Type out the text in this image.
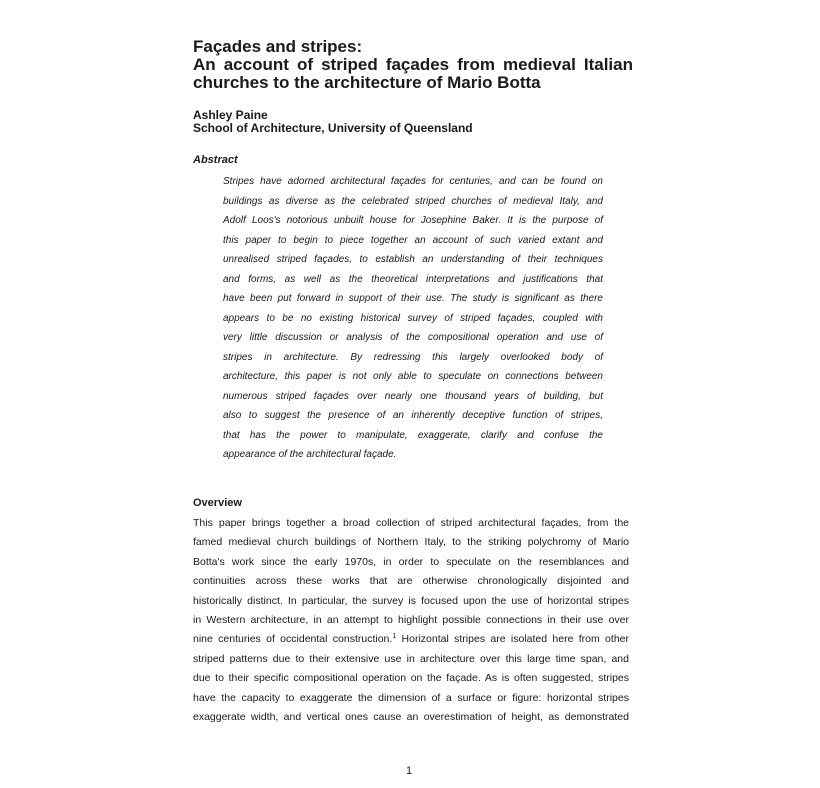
Façades and stripes:
An account of striped façades from medieval Italian
churches to the architecture of Mario Botta
Ashley Paine
School of Architecture, University of Queensland
Abstract
Stripes have adorned architectural façades for centuries, and can be found on
buildings as diverse as the celebrated striped churches of medieval Italy, and
Adolf Loos's notorious unbuilt house for Josephine Baker. It is the purpose of
this paper to begin to piece together an account of such varied extant and
unrealised striped façades, to establish an understanding of their techniques
and forms, as well as the theoretical interpretations and justifications that
have been put forward in support of their use. The study is significant as there
appears to be no existing historical survey of striped façades, coupled with
very little discussion or analysis of the compositional operation and use of
stripes in architecture. By redressing this largely overlooked body of
architecture, this paper is not only able to speculate on connections between
numerous striped façades over nearly one thousand years of building, but
also to suggest the presence of an inherently deceptive function of stripes,
that has the power to manipulate, exaggerate, clarify and confuse the
appearance of the architectural façade.
Overview
This paper brings together a broad collection of striped architectural façades, from the
famed medieval church buildings of Northern Italy, to the striking polychromy of Mario
Botta's work since the early 1970s, in order to speculate on the resemblances and
continuities across these works that are otherwise chronologically disjointed and
historically distinct. In particular, the survey is focused upon the use of horizontal stripes
in Western architecture, in an attempt to highlight possible connections in their use over
nine centuries of occidental construction.$^1$ Horizontal stripes are isolated here from other
striped patterns due to their extensive use in architecture over this large time span, and
due to their specific compositional operation on the façade. As is often suggested, stripes
have the capacity to exaggerate the dimension of a surface or figure: horizontal stripes
exaggerate width, and vertical ones cause an overestimation of height, as demonstrated
1
